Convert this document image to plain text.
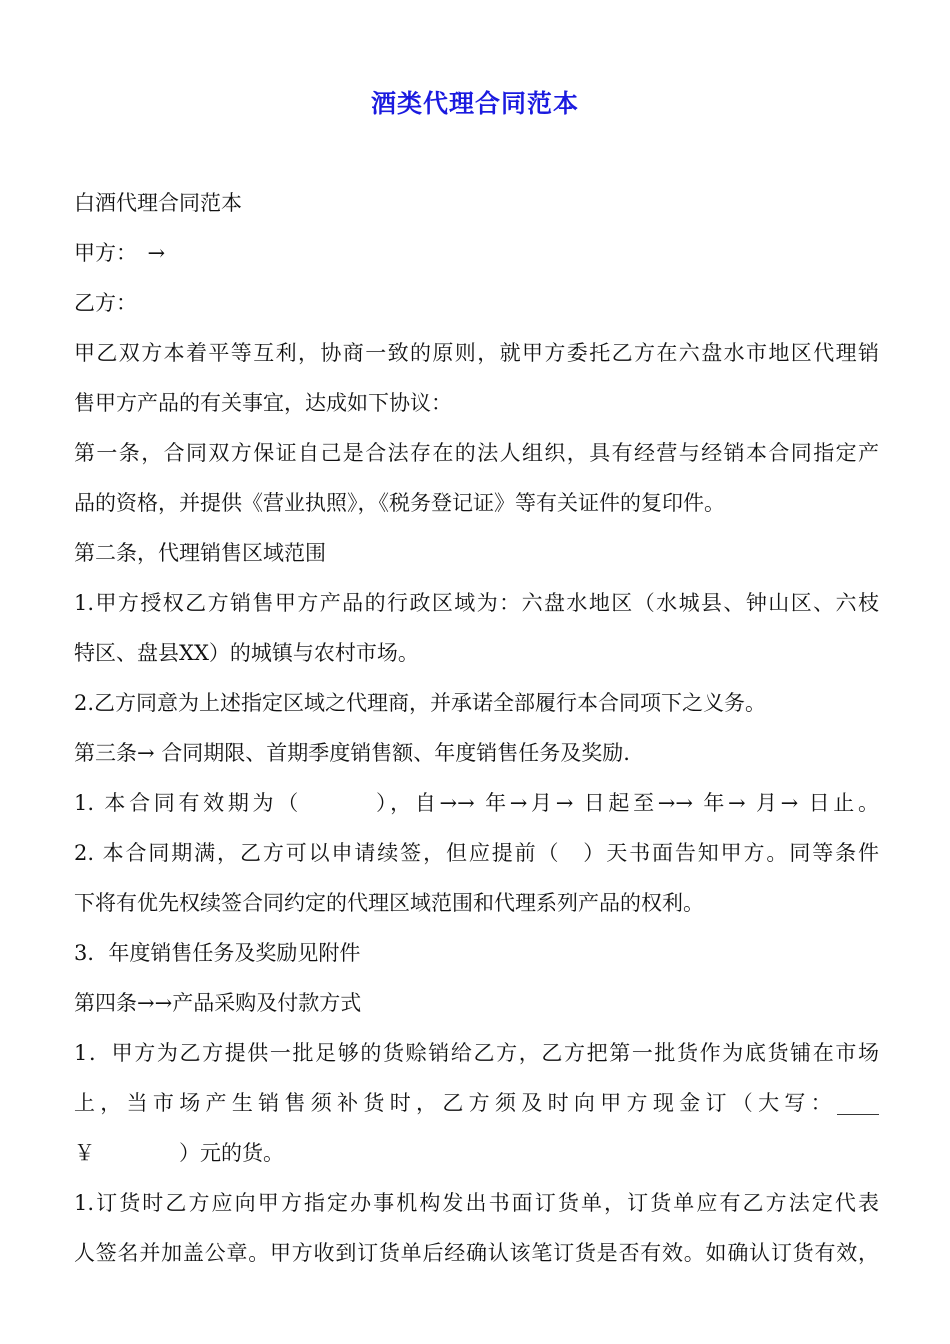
酒类代理合同范本
白酒代理合同范本
甲方：　→
乙方：
甲乙双方本着平等互利，协商一致的原则，就甲方委托乙方在六盘水市地区代理销
售甲方产品的有关事宜，达成如下协议：
第一条，合同双方保证自己是合法存在的法人组织，具有经营与经销本合同指定产
品的资格，并提供《营业执照》，《税务登记证》等有关证件的复印件。
第二条，代理销售区域范围
1.甲方授权乙方销售甲方产品的行政区域为：六盘水地区（水城县、钟山区、六枝
特区、盘县XX）的城镇与农村市场。
2.乙方同意为上述指定区域之代理商，并承诺全部履行本合同项下之义务。
第三条→ 合同期限、首期季度销售额、年度销售任务及奖励.
1. 本合同有效期为（　　　），自→→ 年→月→ 日起至→→ 年→ 月→ 日止。
2. 本合同期满，乙方可以申请续签，但应提前（　）天书面告知甲方。同等条件
下将有优先权续签合同约定的代理区域范围和代理系列产品的权利。
3．年度销售任务及奖励见附件
第四条→→产品采购及付款方式
1．甲方为乙方提供一批足够的货赊销给乙方，乙方把第一批货作为底货铺在市场
上，当市场产生销售须补货时，乙方须及时向甲方现金订（大写：____
￥　　　　）元的货。
1.订货时乙方应向甲方指定办事机构发出书面订货单，订货单应有乙方法定代表
人签名并加盖公章。甲方收到订货单后经确认该笔订货是否有效。如确认订货有效，
